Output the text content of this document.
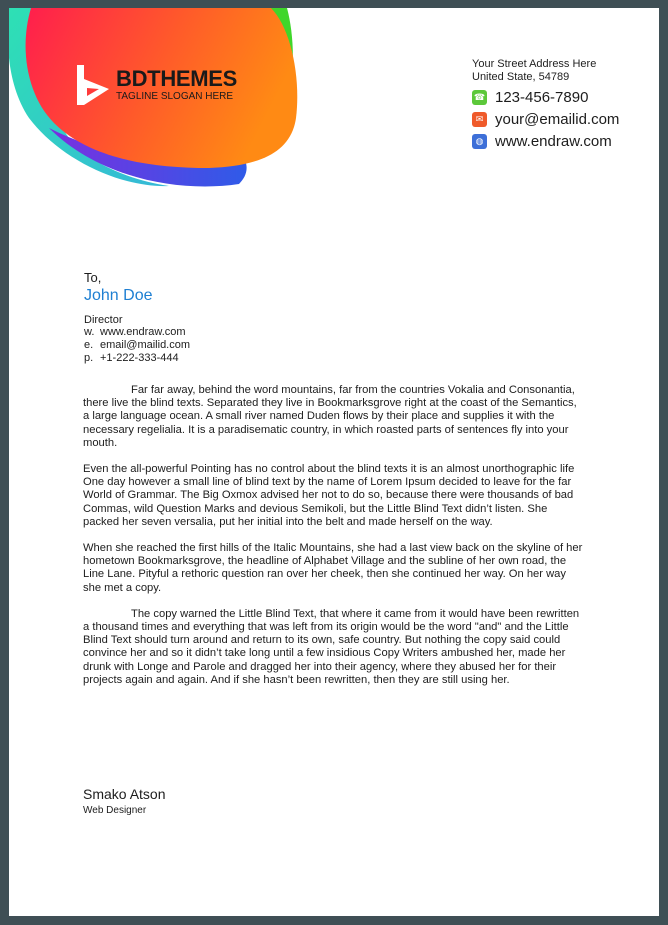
BDTHEMES
TAGLINE SLOGAN HERE
Your Street Address Here
United State, 54789
☎ 123-456-7890
✉ your@emailid.com
◍ www.endraw.com
To,
John Doe
Director
w. www.endraw.com
e. email@mailid.com
p. +1-222-333-444

Far far away, behind the word mountains, far from the countries Vokalia and Consonantia, there live the blind texts. Separated they live in Bookmarksgrove right at the coast of the Semantics, a large language ocean. A small river named Duden flows by their place and supplies it with the necessary regelialia. It is a paradisematic country, in which roasted parts of sentences fly into your mouth.

Even the all-powerful Pointing has no control about the blind texts it is an almost unorthographic life One day however a small line of blind text by the name of Lorem Ipsum decided to leave for the far World of Grammar. The Big Oxmox advised her not to do so, because there were thousands of bad Commas, wild Question Marks and devious Semikoli, but the Little Blind Text didn’t listen. She packed her seven versalia, put her initial into the belt and made herself on the way.

When she reached the first hills of the Italic Mountains, she had a last view back on the skyline of her hometown Bookmarksgrove, the headline of Alphabet Village and the subline of her own road, the Line Lane. Pityful a rethoric question ran over her cheek, then she continued her way. On her way she met a copy.

The copy warned the Little Blind Text, that where it came from it would have been rewritten a thousand times and everything that was left from its origin would be the word "and" and the Little Blind Text should turn around and return to its own, safe country. But nothing the copy said could convince her and so it didn’t take long until a few insidious Copy Writers ambushed her, made her drunk with Longe and Parole and dragged her into their agency, where they abused her for their projects again and again. And if she hasn’t been rewritten, then they are still using her.

Smako Atson
Web Designer
